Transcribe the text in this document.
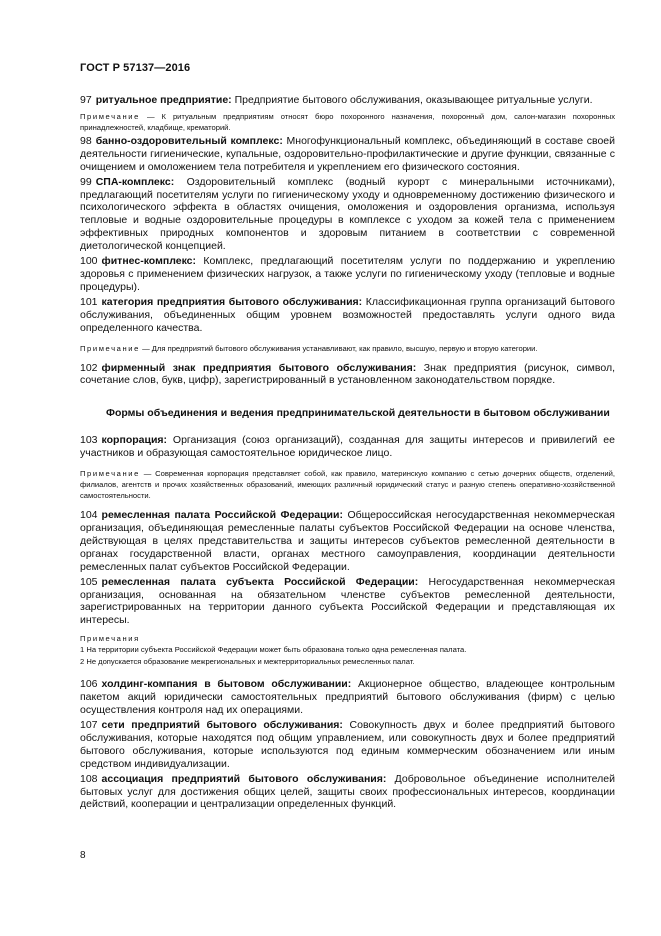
ГОСТ Р 57137—2016

97 ритуальное предприятие: Предприятие бытового обслуживания, оказывающее ритуальные услуги.

Примечание — К ритуальным предприятиям относят бюро похоронного назначения, похоронный дом, салон-магазин похоронных принадлежностей, кладбище, крематорий.

98 банно-оздоровительный комплекс: Многофункциональный комплекс, объединяющий в составе своей деятельности гигиенические, купальные, оздоровительно-профилактические и другие функции, связанные с очищением и омоложением тела потребителя и укреплением его физического состояния.

99 СПА-комплекс: Оздоровительный комплекс (водный курорт с минеральными источниками), предлагающий посетителям услуги по гигиеническому уходу и одновременному достижению физического и психологического эффекта в областях очищения, омоложения и оздоровления организма, используя тепловые и водные оздоровительные процедуры в комплексе с уходом за кожей тела с применением эффективных природных компонентов и здоровым питанием в соответствии с современной диетологической концепцией.

100 фитнес-комплекс: Комплекс, предлагающий посетителям услуги по поддержанию и укреплению здоровья с применением физических нагрузок, а также услуги по гигиеническому уходу (тепловые и водные процедуры).

101 категория предприятия бытового обслуживания: Классификационная группа организаций бытового обслуживания, объединенных общим уровнем возможностей предоставлять услуги одного вида определенного качества.

Примечание — Для предприятий бытового обслуживания устанавливают, как правило, высшую, первую и вторую категории.

102 фирменный знак предприятия бытового обслуживания: Знак предприятия (рисунок, символ, сочетание слов, букв, цифр), зарегистрированный в установленном законодательством порядке.

Формы объединения и ведения предпринимательской деятельности в бытовом обслуживании

103 корпорация: Организация (союз организаций), созданная для защиты интересов и привилегий ее участников и образующая самостоятельное юридическое лицо.

Примечание — Современная корпорация представляет собой, как правило, материнскую компанию с сетью дочерних обществ, отделений, филиалов, агентств и прочих хозяйственных образований, имеющих различный юридический статус и разную степень оперативно-хозяйственной самостоятельности.

104 ремесленная палата Российской Федерации: Общероссийская негосударственная некоммерческая организация, объединяющая ремесленные палаты субъектов Российской Федерации на основе членства, действующая в целях представительства и защиты интересов субъектов ремесленной деятельности в органах государственной власти, органах местного самоуправления, координации деятельности ремесленных палат субъектов Российской Федерации.

105 ремесленная палата субъекта Российской Федерации: Негосударственная некоммерческая организация, основанная на обязательном членстве субъектов ремесленной деятельности, зарегистрированных на территории данного субъекта Российской Федерации и представляющая их интересы.

Примечания

1 На территории субъекта Российской Федерации может быть образована только одна ремесленная палата.

2 Не допускается образование межрегиональных и межтерриториальных ремесленных палат.

106 холдинг-компания в бытовом обслуживании: Акционерное общество, владеющее контрольным пакетом акций юридически самостоятельных предприятий бытового обслуживания (фирм) с целью осуществления контроля над их операциями.

107 сети предприятий бытового обслуживания: Совокупность двух и более предприятий бытового обслуживания, которые находятся под общим управлением, или совокупность двух и более предприятий бытового обслуживания, которые используются под единым коммерческим обозначением или иным средством индивидуализации.

108 ассоциация предприятий бытового обслуживания: Добровольное объединение исполнителей бытовых услуг для достижения общих целей, защиты своих профессиональных интересов, координации действий, кооперации и централизации определенных функций.

8
